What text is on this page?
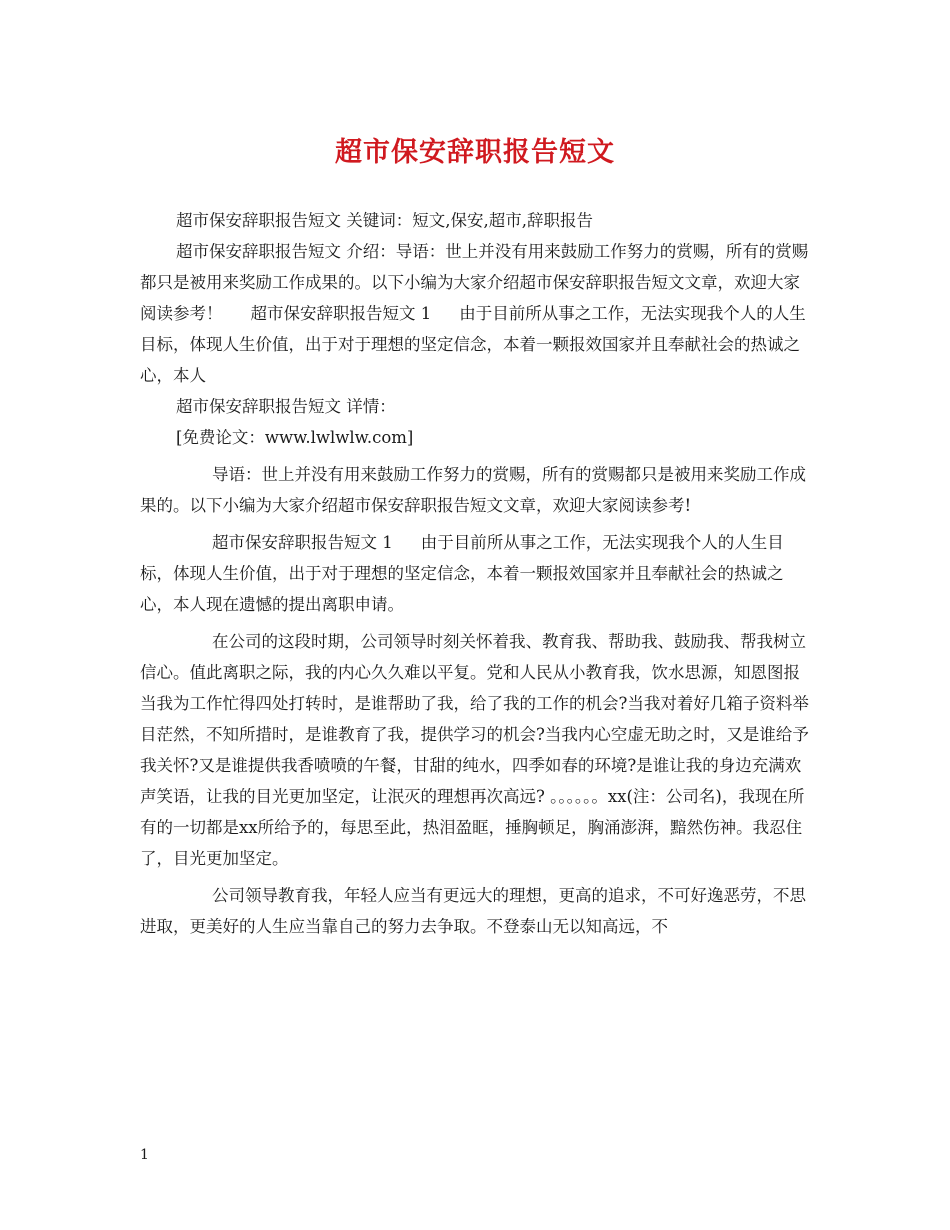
超市保安辞职报告短文

超市保安辞职报告短文 关键词：短文,保安,超市,辞职报告

超市保安辞职报告短文 介绍：导语：世上并没有用来鼓励工作努力的赏赐，所有的赏赐都只是被用来奖励工作成果的。以下小编为大家介绍超市保安辞职报告短文文章，欢迎大家阅读参考！ 超市保安辞职报告短文 1 由于目前所从事之工作，无法实现我个人的人生目标，体现人生价值，出于对于理想的坚定信念，本着一颗报效国家并且奉献社会的热诚之心，本人

超市保安辞职报告短文 详情：

[免费论文：www.lwlwlw.com]

导语：世上并没有用来鼓励工作努力的赏赐，所有的赏赐都只是被用来奖励工作成果的。以下小编为大家介绍超市保安辞职报告短文文章，欢迎大家阅读参考!

超市保安辞职报告短文 1 由于目前所从事之工作，无法实现我个人的人生目标，体现人生价值，出于对于理想的坚定信念，本着一颗报效国家并且奉献社会的热诚之心，本人现在遗憾的提出离职申请。

在公司的这段时期，公司领导时刻关怀着我、教育我、帮助我、鼓励我、帮我树立信心。值此离职之际，我的内心久久难以平复。党和人民从小教育我，饮水思源，知恩图报当我为工作忙得四处打转时，是谁帮助了我，给了我的工作的机会?当我对着好几箱子资料举目茫然，不知所措时，是谁教育了我，提供学习的机会?当我内心空虚无助之时，又是谁给予我关怀?又是谁提供我香喷喷的午餐，甘甜的纯水，四季如春的环境?是谁让我的身边充满欢声笑语，让我的目光更加坚定，让泯灭的理想再次高远? 。。。。。。xx(注：公司名)，我现在所有的一切都是xx所给予的，每思至此，热泪盈眶，捶胸顿足，胸涌澎湃，黯然伤神。我忍住了，目光更加坚定。

公司领导教育我，年轻人应当有更远大的理想，更高的追求，不可好逸恶劳，不思进取，更美好的人生应当靠自己的努力去争取。不登泰山无以知高远，不

1
